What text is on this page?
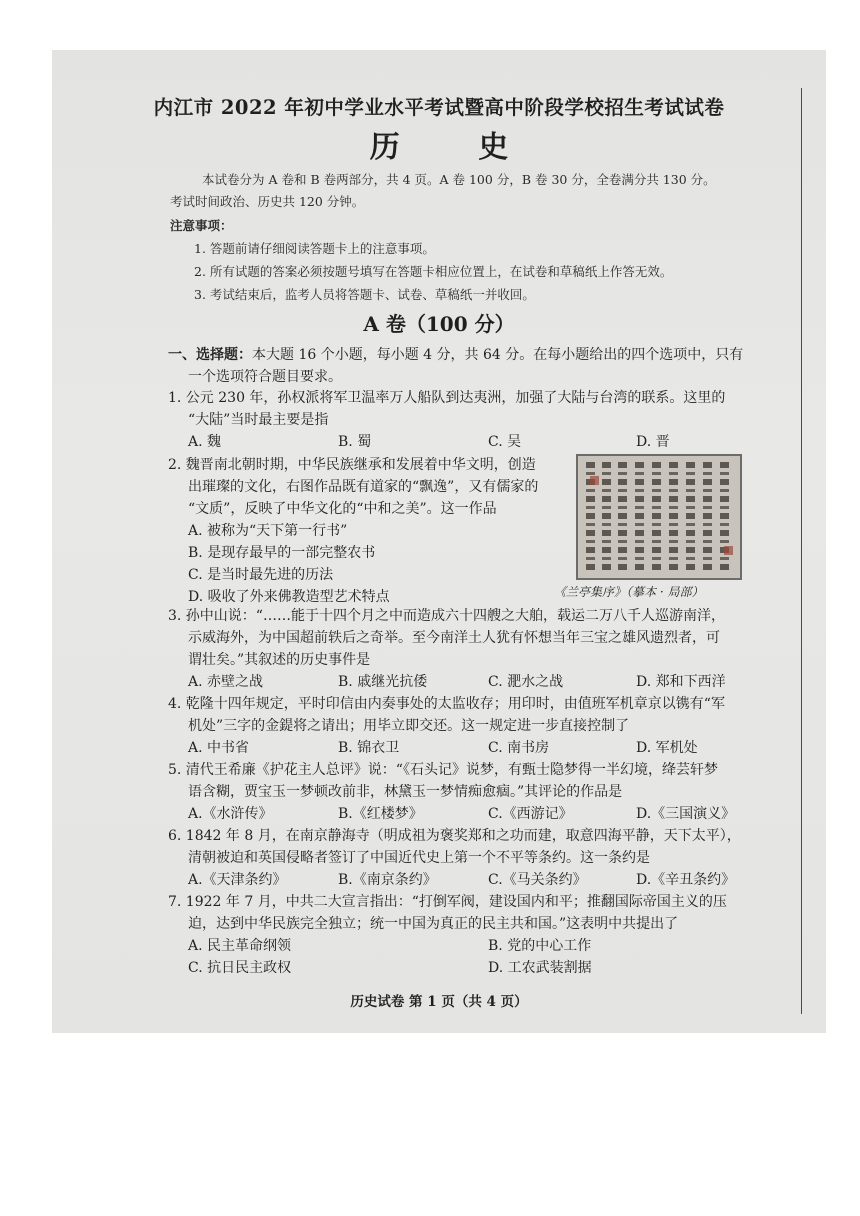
内江市 2022 年初中学业水平考试暨高中阶段学校招生考试试卷
历 史
本试卷分为 A 卷和 B 卷两部分，共 4 页。A 卷 100 分，B 卷 30 分，全卷满分共 130 分。
考试时间政治、历史共 120 分钟。
注意事项：
1. 答题前请仔细阅读答题卡上的注意事项。
2. 所有试题的答案必须按题号填写在答题卡相应位置上，在试卷和草稿纸上作答无效。
3. 考试结束后，监考人员将答题卡、试卷、草稿纸一并收回。
A 卷（100 分）
一、选择题：本大题 16 个小题，每小题 4 分，共 64 分。在每小题给出的四个选项中，只有
一个选项符合题目要求。
1. 公元 230 年，孙权派将军卫温率万人船队到达夷洲，加强了大陆与台湾的联系。这里的
“大陆”当时最主要是指
A. 魏	B. 蜀	C. 吴	D. 晋
2. 魏晋南北朝时期，中华民族继承和发展着中华文明，创造
出璀璨的文化，右图作品既有道家的“飘逸”，又有儒家的
“文质”，反映了中华文化的“中和之美”。这一作品
A. 被称为“天下第一行书”
B. 是现存最早的一部完整农书
C. 是当时最先进的历法
D. 吸收了外来佛教造型艺术特点	《兰亭集序》（摹本 · 局部）
3. 孙中山说：“……能于十四个月之中而造成六十四艘之大舶，载运二万八千人巡游南洋，
示威海外，为中国超前轶后之奇举。至今南洋土人犹有怀想当年三宝之雄风遗烈者，可
谓壮矣。”其叙述的历史事件是
A. 赤壁之战	B. 戚继光抗倭	C. 淝水之战	D. 郑和下西洋
4. 乾隆十四年规定，平时印信由内奏事处的太监收存；用印时，由值班军机章京以镌有“军
机处”三字的金鍉将之请出；用毕立即交还。这一规定进一步直接控制了
A. 中书省	B. 锦衣卫	C. 南书房	D. 军机处
5. 清代王希廉《护花主人总评》说：“《石头记》说梦，有甄士隐梦得一半幻境，绛芸轩梦
语含糊，贾宝玉一梦顿改前非，林黛玉一梦情痴愈痼。”其评论的作品是
A.《水浒传》	B.《红楼梦》	C.《西游记》	D.《三国演义》
6. 1842 年 8 月，在南京静海寺（明成祖为褒奖郑和之功而建，取意四海平静，天下太平），
清朝被迫和英国侵略者签订了中国近代史上第一个不平等条约。这一条约是
A.《天津条约》	B.《南京条约》	C.《马关条约》	D.《辛丑条约》
7. 1922 年 7 月，中共二大宣言指出：“打倒军阀，建设国内和平；推翻国际帝国主义的压
迫，达到中华民族完全独立；统一中国为真正的民主共和国。”这表明中共提出了
A. 民主革命纲领	B. 党的中心工作
C. 抗日民主政权	D. 工农武装割据
历史试卷 第 1 页（共 4 页）
